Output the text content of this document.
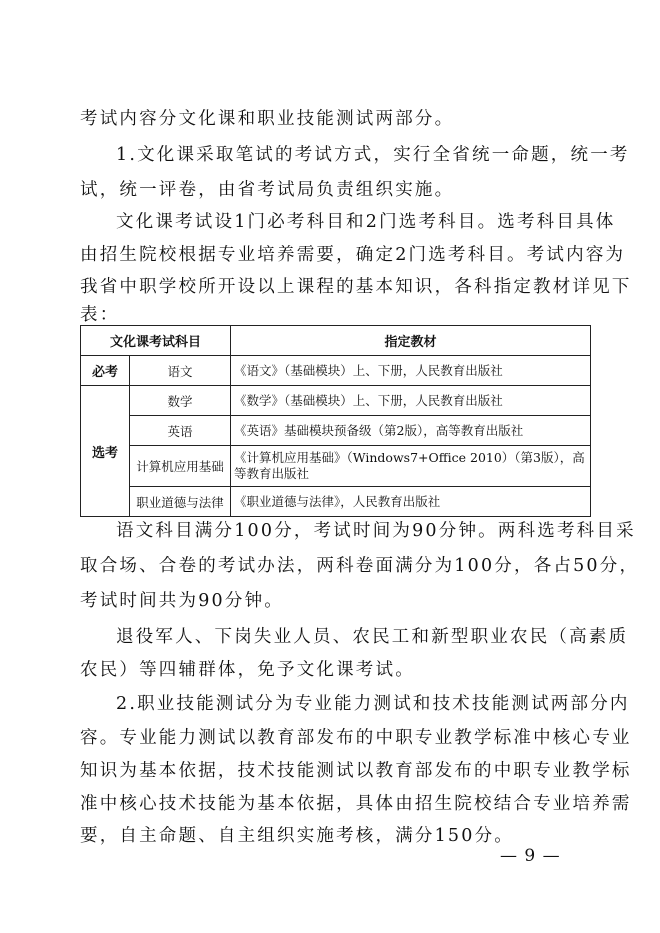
考试内容分文化课和职业技能测试两部分。
1.文化课采取笔试的考试方式，实行全省统一命题，统一考
试，统一评卷，由省考试局负责组织实施。
文化课考试设1门必考科目和2门选考科目。选考科目具体
由招生院校根据专业培养需要，确定2门选考科目。考试内容为
我省中职学校所开设以上课程的基本知识，各科指定教材详见下
表：
文化课考试科目		指定教材
必考	语文	《语文》（基础模块）上、下册，人民教育出版社
选考	数学	《数学》（基础模块）上、下册，人民教育出版社
	英语	《英语》基础模块预备级（第2版），高等教育出版社
	计算机应用基础	《计算机应用基础》（Windows7+Office 2010）（第3版），高等教育出版社
	职业道德与法律	《职业道德与法律》，人民教育出版社
语文科目满分100分，考试时间为90分钟。两科选考科目采
取合场、合卷的考试办法，两科卷面满分为100分，各占50分，
考试时间共为90分钟。
退役军人、下岗失业人员、农民工和新型职业农民（高素质
农民）等四辅群体，免予文化课考试。
2.职业技能测试分为专业能力测试和技术技能测试两部分内
容。专业能力测试以教育部发布的中职专业教学标准中核心专业
知识为基本依据，技术技能测试以教育部发布的中职专业教学标
准中核心技术技能为基本依据，具体由招生院校结合专业培养需
要，自主命题、自主组织实施考核，满分150分。
— 9 —
